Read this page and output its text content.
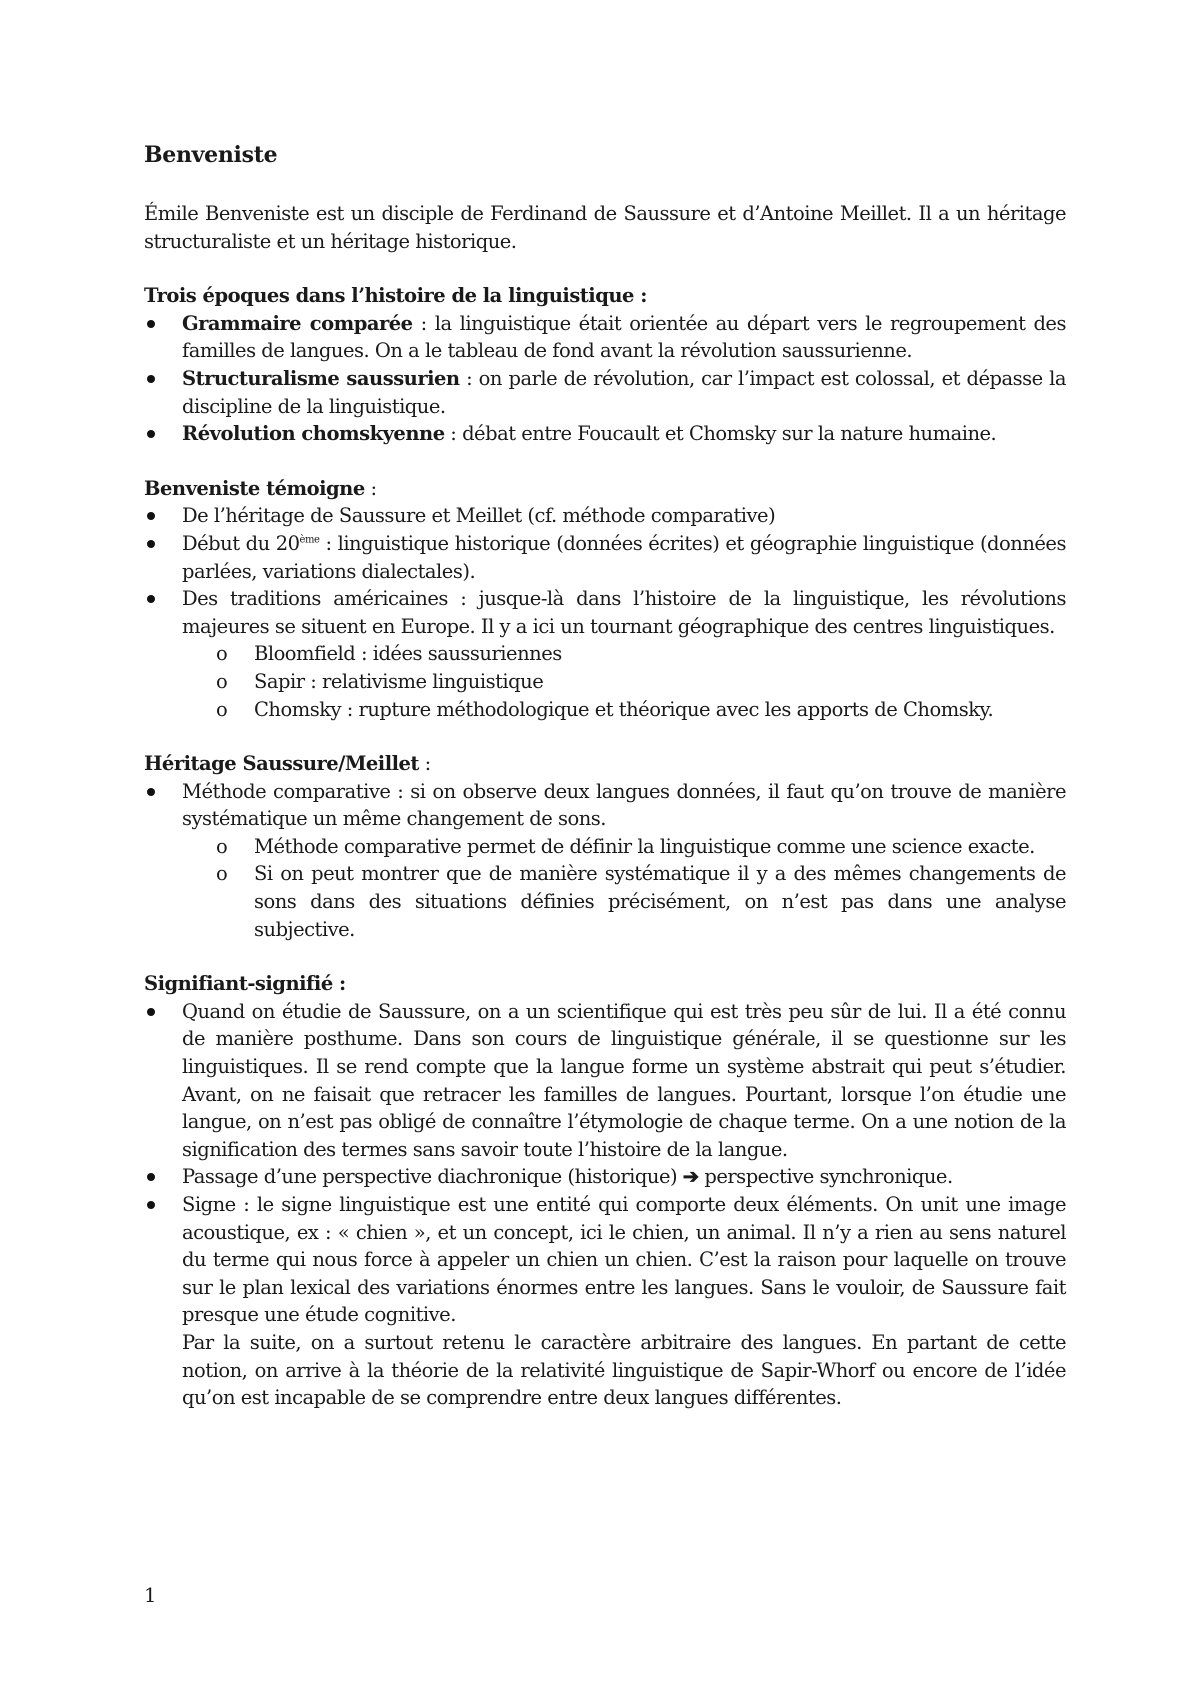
Benveniste

Émile Benveniste est un disciple de Ferdinand de Saussure et d’Antoine Meillet. Il a un héritage structuraliste et un héritage historique.

Trois époques dans l’histoire de la linguistique :

Grammaire comparée : la linguistique était orientée au départ vers le regroupement des familles de langues. On a le tableau de fond avant la révolution saussurienne.
Structuralisme saussurien : on parle de révolution, car l’impact est colossal, et dépasse la discipline de la linguistique.
Révolution chomskyenne : débat entre Foucault et Chomsky sur la nature humaine.

Benveniste témoigne :

De l’héritage de Saussure et Meillet (cf. méthode comparative)
Début du 20ème : linguistique historique (données écrites) et géographie linguistique (données parlées, variations dialectales).
Des traditions américaines : jusque-là dans l’histoire de la linguistique, les révolutions majeures se situent en Europe. Il y a ici un tournant géographique des centres linguistiques.
o Bloomfield : idées saussuriennes
o Sapir : relativisme linguistique
o Chomsky : rupture méthodologique et théorique avec les apports de Chomsky.

Héritage Saussure/Meillet :

Méthode comparative : si on observe deux langues données, il faut qu’on trouve de manière systématique un même changement de sons.
o Méthode comparative permet de définir la linguistique comme une science exacte.
o Si on peut montrer que de manière systématique il y a des mêmes changements de sons dans des situations définies précisément, on n’est pas dans une analyse subjective.

Signifiant-signifié :

Quand on étudie de Saussure, on a un scientifique qui est très peu sûr de lui. Il a été connu de manière posthume. Dans son cours de linguistique générale, il se questionne sur les linguistiques. Il se rend compte que la langue forme un système abstrait qui peut s’étudier. Avant, on ne faisait que retracer les familles de langues. Pourtant, lorsque l’on étudie une langue, on n’est pas obligé de connaître l’étymologie de chaque terme. On a une notion de la signification des termes sans savoir toute l’histoire de la langue.
Passage d’une perspective diachronique (historique) ➔ perspective synchronique.
Signe : le signe linguistique est une entité qui comporte deux éléments. On unit une image acoustique, ex : « chien », et un concept, ici le chien, un animal. Il n’y a rien au sens naturel du terme qui nous force à appeler un chien un chien. C’est la raison pour laquelle on trouve sur le plan lexical des variations énormes entre les langues. Sans le vouloir, de Saussure fait presque une étude cognitive.
Par la suite, on a surtout retenu le caractère arbitraire des langues. En partant de cette notion, on arrive à la théorie de la relativité linguistique de Sapir-Whorf ou encore de l’idée qu’on est incapable de se comprendre entre deux langues différentes.
1
